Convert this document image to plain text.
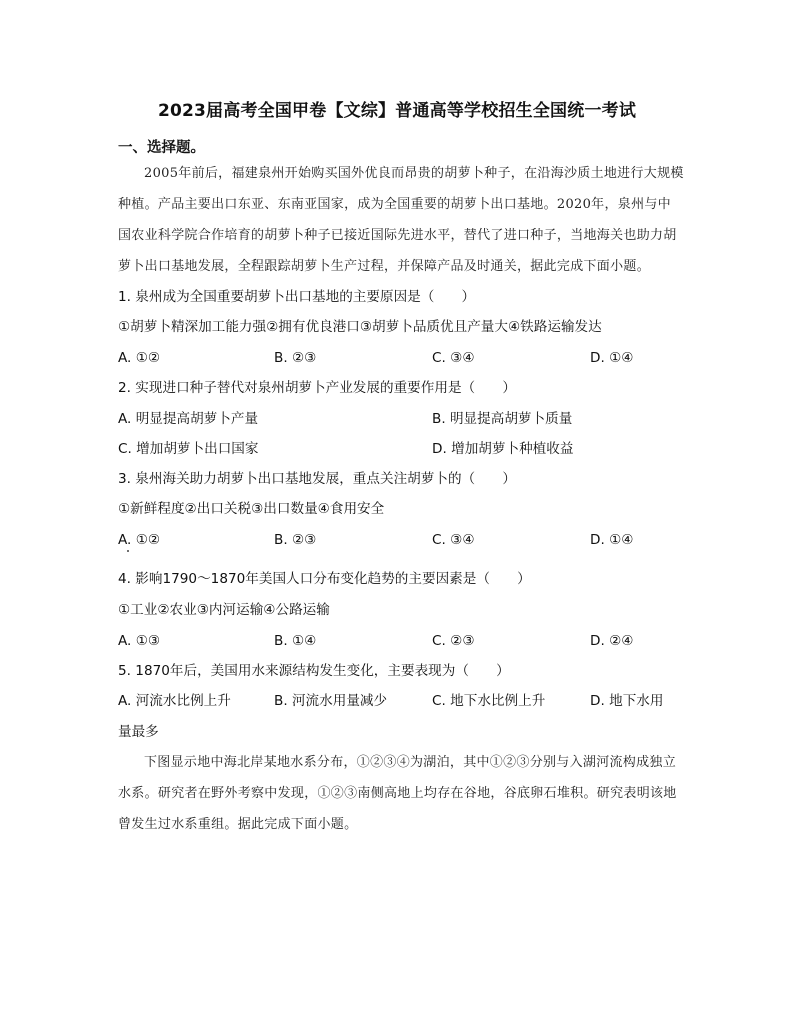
2023届高考全国甲卷【文综】普通高等学校招生全国统一考试
一、选择题。
2005年前后，福建泉州开始购买国外优良而昂贵的胡萝卜种子，在沿海沙质土地进行大规模种植。产品主要出口东亚、东南亚国家，成为全国重要的胡萝卜出口基地。2020年，泉州与中国农业科学院合作培育的胡萝卜种子已接近国际先进水平，替代了进口种子，当地海关也助力胡萝卜出口基地发展，全程跟踪胡萝卜生产过程，并保障产品及时通关，据此完成下面小题。
1. 泉州成为全国重要胡萝卜出口基地的主要原因是（　　）
①胡萝卜精深加工能力强②拥有优良港口③胡萝卜品质优且产量大④铁路运输发达
A. ①②	B. ②③	C. ③④	D. ①④
2. 实现进口种子替代对泉州胡萝卜产业发展的重要作用是（　　）
A. 明显提高胡萝卜产量	B. 明显提高胡萝卜质量
C. 增加胡萝卜出口国家	D. 增加胡萝卜种植收益
3. 泉州海关助力胡萝卜出口基地发展，重点关注胡萝卜的（　　）
①新鲜程度②出口关税③出口数量④食用安全
A. ①②	B. ②③	C. ③④	D. ①④
4. 影响1790～1870年美国人口分布变化趋势的主要因素是（　　）
①工业②农业③内河运输④公路运输
A. ①③	B. ①④	C. ②③	D. ②④
5. 1870年后，美国用水来源结构发生变化，主要表现为（　　）
A. 河流水比例上升	B. 河流水用量减少	C. 地下水比例上升	D. 地下水用
量最多
下图显示地中海北岸某地水系分布，①②③④为湖泊，其中①②③分别与入湖河流构成独立水系。研究者在野外考察中发现，①②③南侧高地上均存在谷地，谷底卵石堆积。研究表明该地曾发生过水系重组。据此完成下面小题。
